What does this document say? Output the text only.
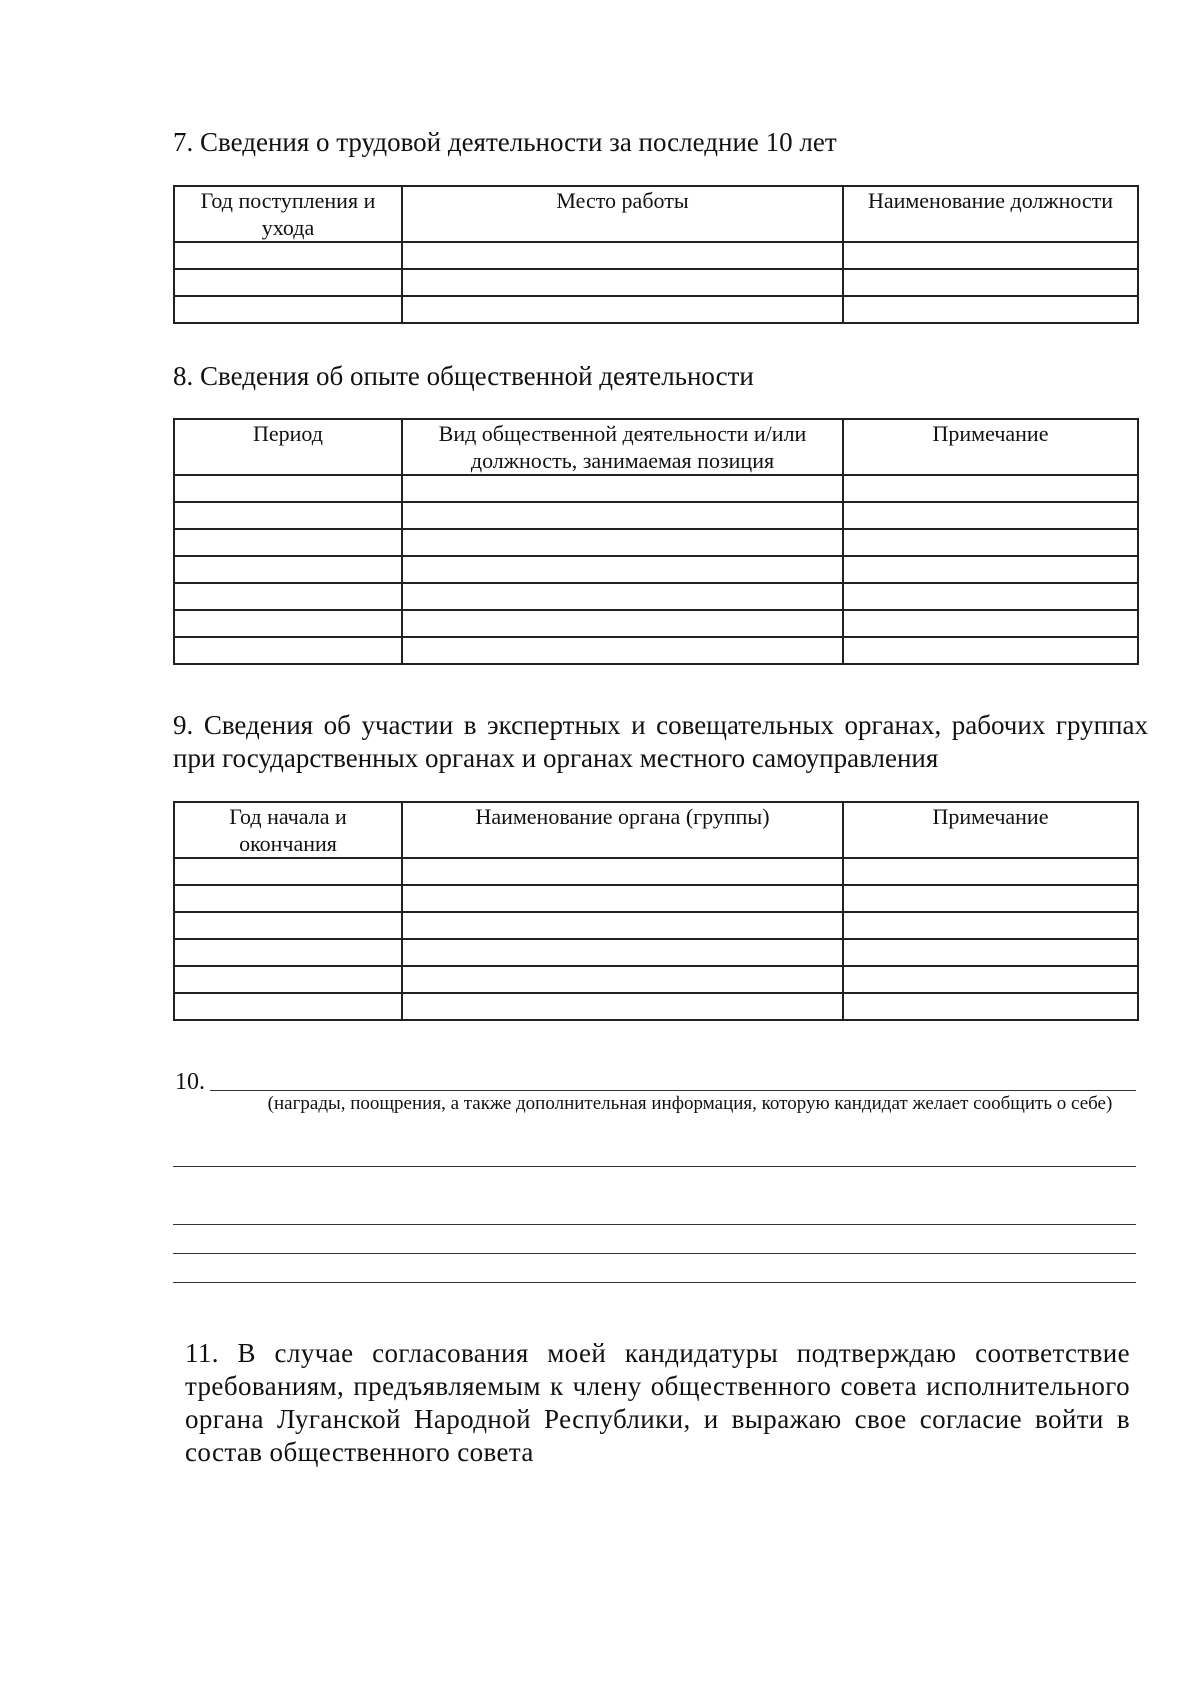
7. Сведения о трудовой деятельности за последние 10 лет
Год поступления и ухода	Место работы	Наименование должности

8. Сведения об опыте общественной деятельности
Период	Вид общественной деятельности и/или должность, занимаемая позиция	Примечание

9. Сведения об участии в экспертных и совещательных органах, рабочих группах при государственных органах и органах местного самоуправления
Год начала и окончания	Наименование органа (группы)	Примечание

10.
(награды, поощрения, а также дополнительная информация, которую кандидат желает сообщить о себе)

11. В случае согласования моей кандидатуры подтверждаю соответствие требованиям, предъявляемым к члену общественного совета исполнительного органа Луганской Народной Республики, и выражаю свое согласие войти в состав общественного совета
